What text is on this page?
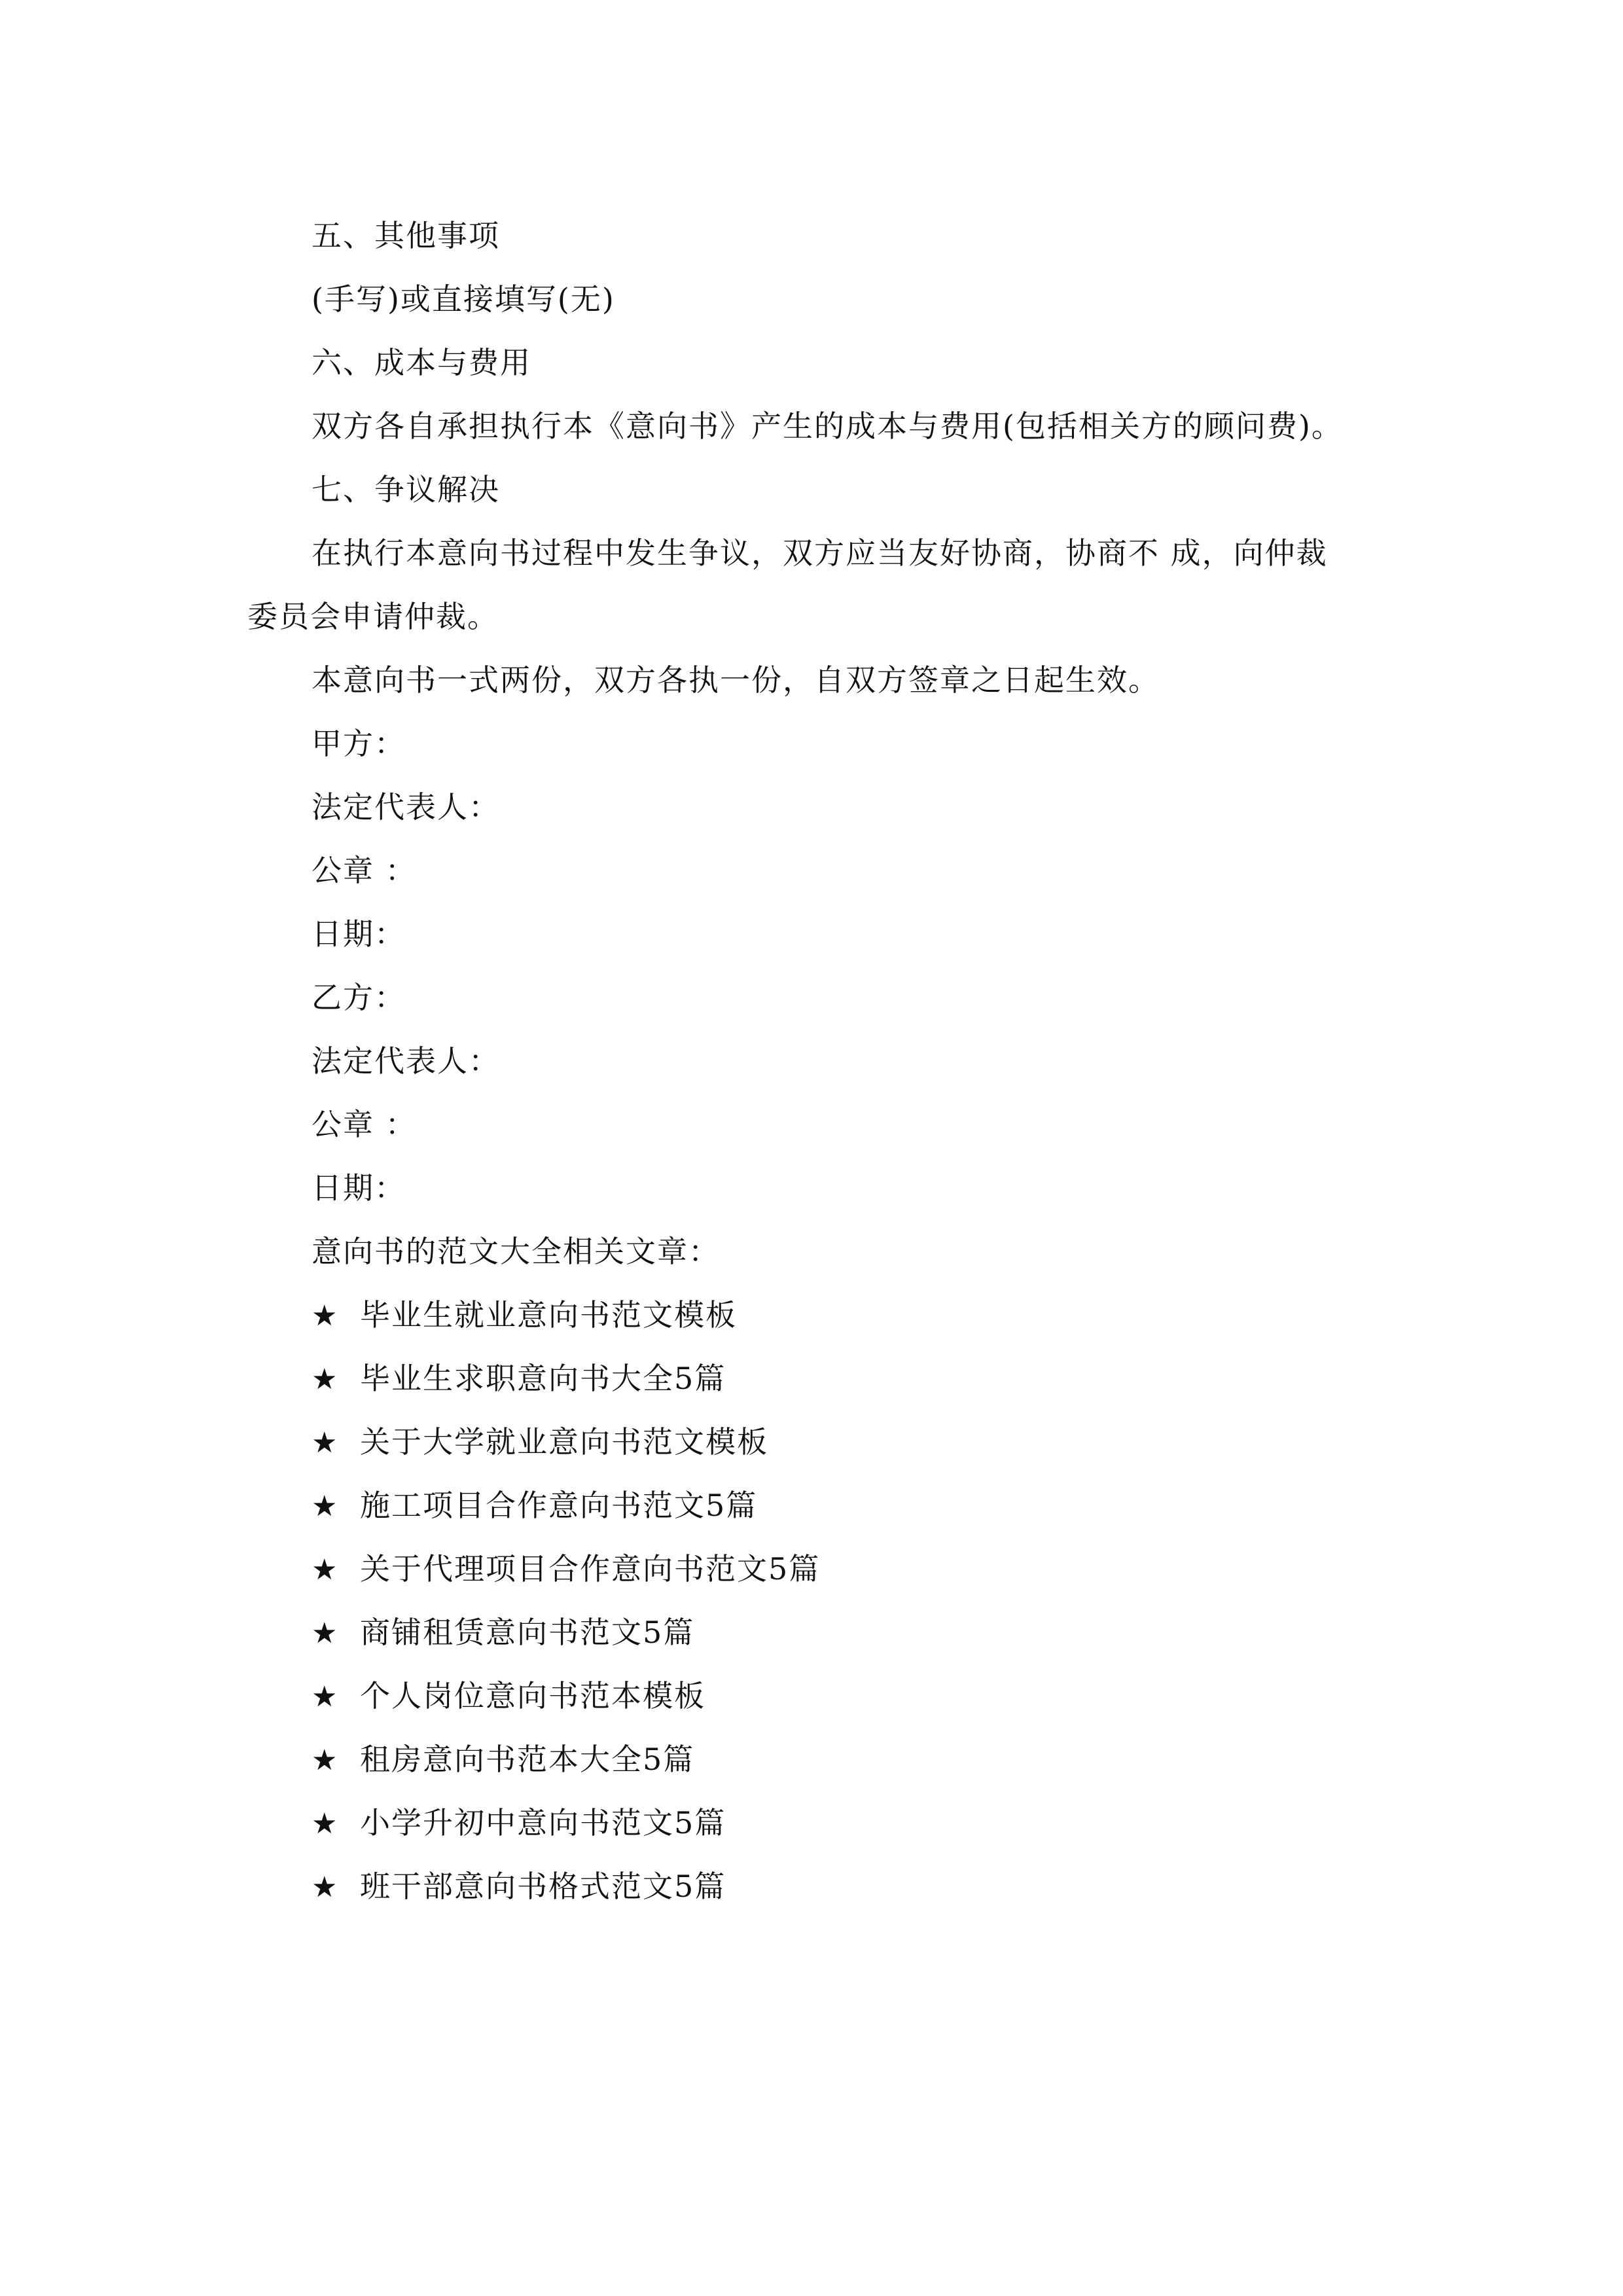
五、其他事项
(手写)或直接填写(无)
六、成本与费用
双方各自承担执行本《意向书》产生的成本与费用(包括相关方的顾问费)。
七、争议解决
在执行本意向书过程中发生争议，双方应当友好协商，协商不 成，向仲裁
委员会申请仲裁。
本意向书一式两份，双方各执一份，自双方签章之日起生效。
甲方：
法定代表人：
公章 ：
日期：
乙方：
法定代表人：
公章 ：
日期：
意向书的范文大全相关文章：
★ 毕业生就业意向书范文模板
★ 毕业生求职意向书大全5篇
★ 关于大学就业意向书范文模板
★ 施工项目合作意向书范文5篇
★ 关于代理项目合作意向书范文5篇
★ 商铺租赁意向书范文5篇
★ 个人岗位意向书范本模板
★ 租房意向书范本大全5篇
★ 小学升初中意向书范文5篇
★ 班干部意向书格式范文5篇
